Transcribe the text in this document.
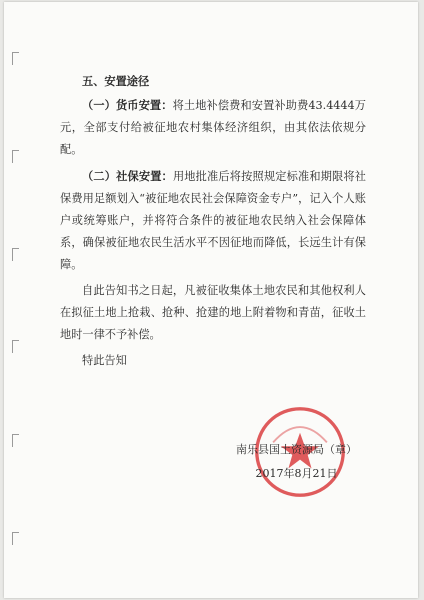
五、安置途径

（一）货币安置：将土地补偿费和安置补助费43.4444万元，全部支付给被征地农村集体经济组织，由其依法依规分配。

（二）社保安置：用地批准后将按照规定标准和期限将社保费用足额划入“被征地农民社会保障资金专户”，记入个人账户或统筹账户，并将符合条件的被征地农民纳入社会保障体系，确保被征地农民生活水平不因征地而降低，长远生计有保障。

自此告知书之日起，凡被征收集体土地农民和其他权利人在拟征土地上抢栽、抢种、抢建的地上附着物和青苗，征收土地时一律不予补偿。

特此告知

南乐县国土资源局（章）
2017年8月21日
